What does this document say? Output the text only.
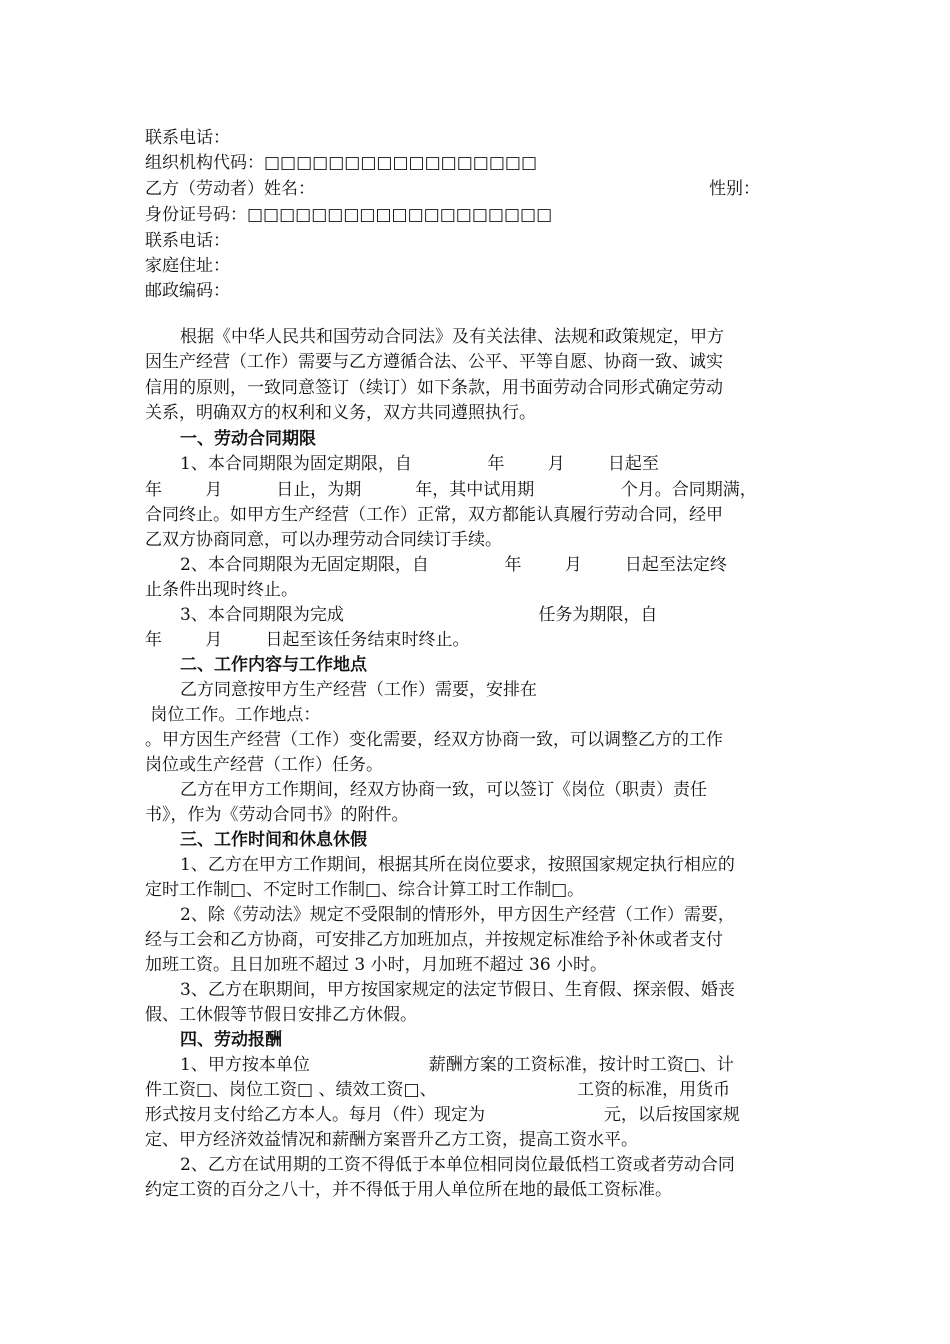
联系电话：
组织机构代码：□□□□□□□□□□□□□□□□□
乙方（劳动者）姓名：	性别：
身份证号码：□□□□□□□□□□□□□□□□□□□
联系电话：
家庭住址：
邮政编码：
根据《中华人民共和国劳动合同法》及有关法律、法规和政策规定，甲方
因生产经营（工作）需要与乙方遵循合法、公平、平等自愿、协商一致、诚实
信用的原则，一致同意签订（续订）如下条款，用书面劳动合同形式确定劳动
关系，明确双方的权利和义务，双方共同遵照执行。
一、劳动合同期限
1、本合同期限为固定期限，自              年        月        日起至
年        月          日止，为期          年，其中试用期                个月。合同期满，
合同终止。如甲方生产经营（工作）正常，双方都能认真履行劳动合同，经甲
乙双方协商同意，可以办理劳动合同续订手续。
2、本合同期限为无固定期限，自              年        月        日起至法定终
止条件出现时终止。
3、本合同期限为完成                                    任务为期限，自
年        月        日起至该任务结束时终止。
二、工作内容与工作地点
乙方同意按甲方生产经营（工作）需要，安排在
岗位工作。工作地点：
。甲方因生产经营（工作）变化需要，经双方协商一致，可以调整乙方的工作
岗位或生产经营（工作）任务。
乙方在甲方工作期间，经双方协商一致，可以签订《岗位（职责）责任
书》，作为《劳动合同书》的附件。
三、工作时间和休息休假
1、乙方在甲方工作期间，根据其所在岗位要求，按照国家规定执行相应的
定时工作制□、不定时工作制□、综合计算工时工作制□。
2、除《劳动法》规定不受限制的情形外，甲方因生产经营（工作）需要，
经与工会和乙方协商，可安排乙方加班加点，并按规定标准给予补休或者支付
加班工资。且日加班不超过 3 小时，月加班不超过 36 小时。
3、乙方在职期间，甲方按国家规定的法定节假日、生育假、探亲假、婚丧
假、工休假等节假日安排乙方休假。
四、劳动报酬
1、甲方按本单位                      薪酬方案的工资标准，按计时工资□、计
件工资□、岗位工资□ 、绩效工资□、                          工资的标准，用货币
形式按月支付给乙方本人。每月（件）现定为                      元，以后按国家规
定、甲方经济效益情况和薪酬方案晋升乙方工资，提高工资水平。
2、乙方在试用期的工资不得低于本单位相同岗位最低档工资或者劳动合同
约定工资的百分之八十，并不得低于用人单位所在地的最低工资标准。
